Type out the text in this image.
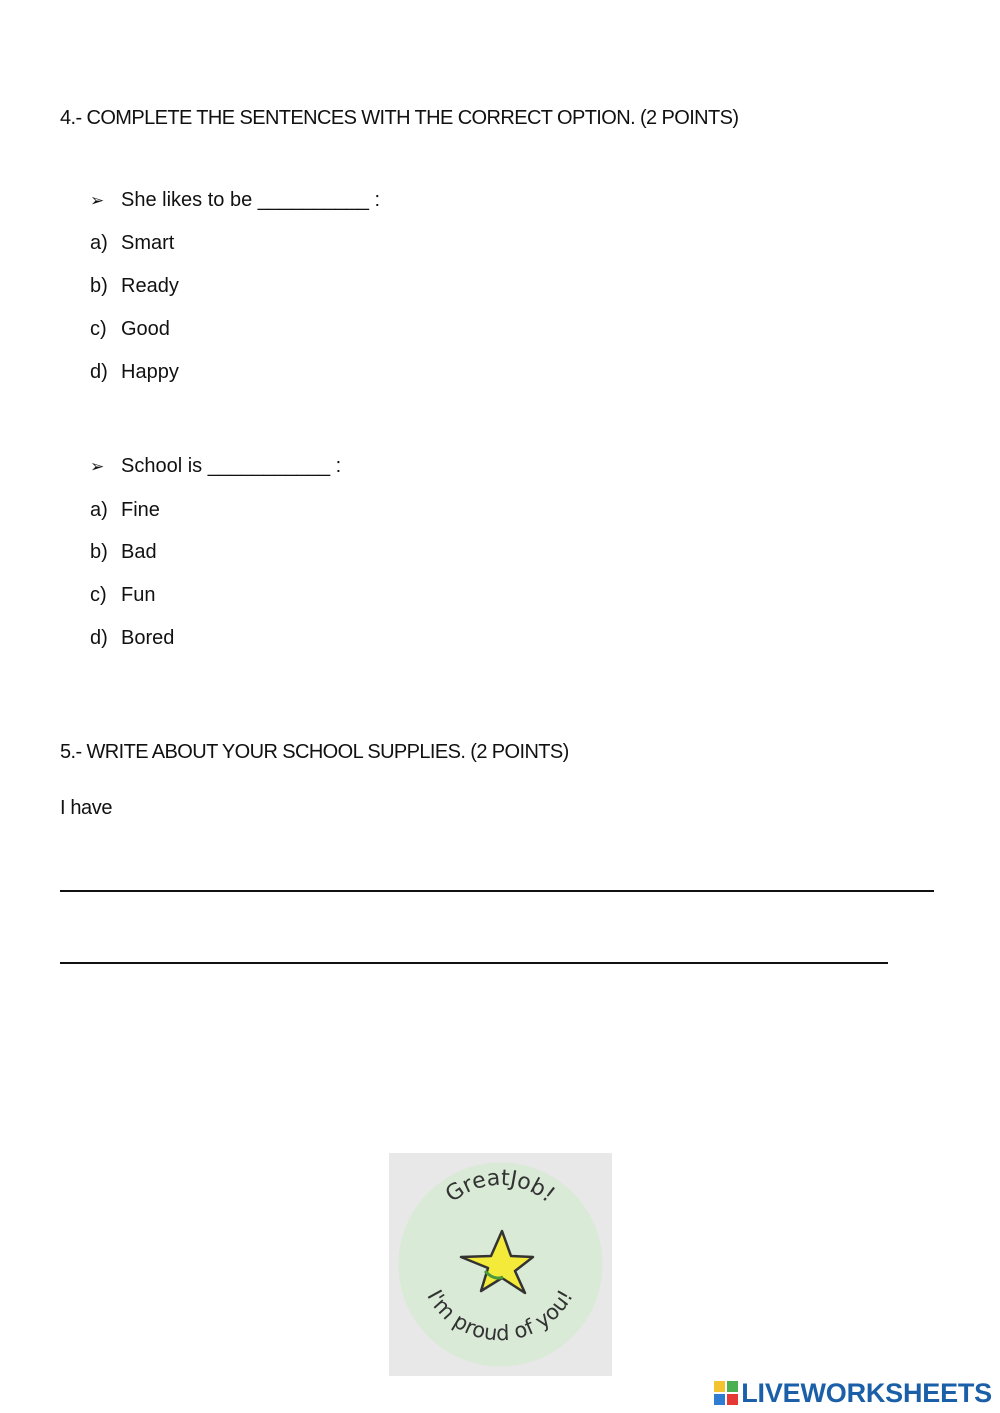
4.- COMPLETE THE SENTENCES WITH THE CORRECT OPTION. (2 POINTS)
➢ She likes to be __________ :
a) Smart
b) Ready
c) Good
d) Happy
➢ School is ___________ :
a) Fine
b) Bad
c) Fun
d) Bored
5.- WRITE ABOUT YOUR SCHOOL SUPPLIES. (2 POINTS)
I have
GreatJob!
I'm proud of you!
LIVEWORKSHEETS
